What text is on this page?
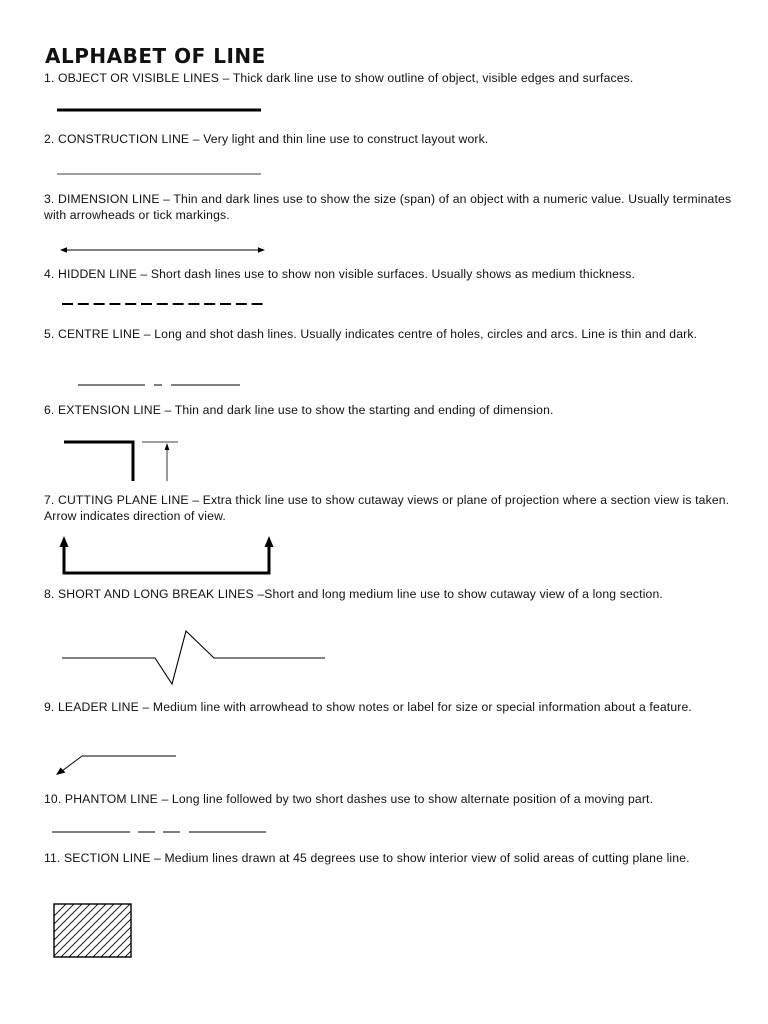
ALPHABET OF LINE

1. OBJECT OR VISIBLE LINES – Thick dark line use to show outline of object, visible edges and surfaces.

2. CONSTRUCTION LINE – Very light and thin line use to construct layout work.

3. DIMENSION LINE – Thin and dark lines use to show the size (span) of an object with a numeric value. Usually terminates with arrowheads or tick markings.

4. HIDDEN LINE – Short dash lines use to show non visible surfaces. Usually shows as medium thickness.

5. CENTRE LINE – Long and shot dash lines. Usually indicates centre of holes, circles and arcs. Line is thin and dark.

6. EXTENSION LINE – Thin and dark line use to show the starting and ending of dimension.

7. CUTTING PLANE LINE – Extra thick line use to show cutaway views or plane of projection where a section view is taken. Arrow indicates direction of view.

8. SHORT AND LONG BREAK LINES –Short and long medium line use to show cutaway view of a long section.

9. LEADER LINE – Medium line with arrowhead to show notes or label for size or special information about a feature.

10. PHANTOM LINE – Long line followed by two short dashes use to show alternate position of a moving part.

11. SECTION LINE – Medium lines drawn at 45 degrees use to show interior view of solid areas of cutting plane line.
